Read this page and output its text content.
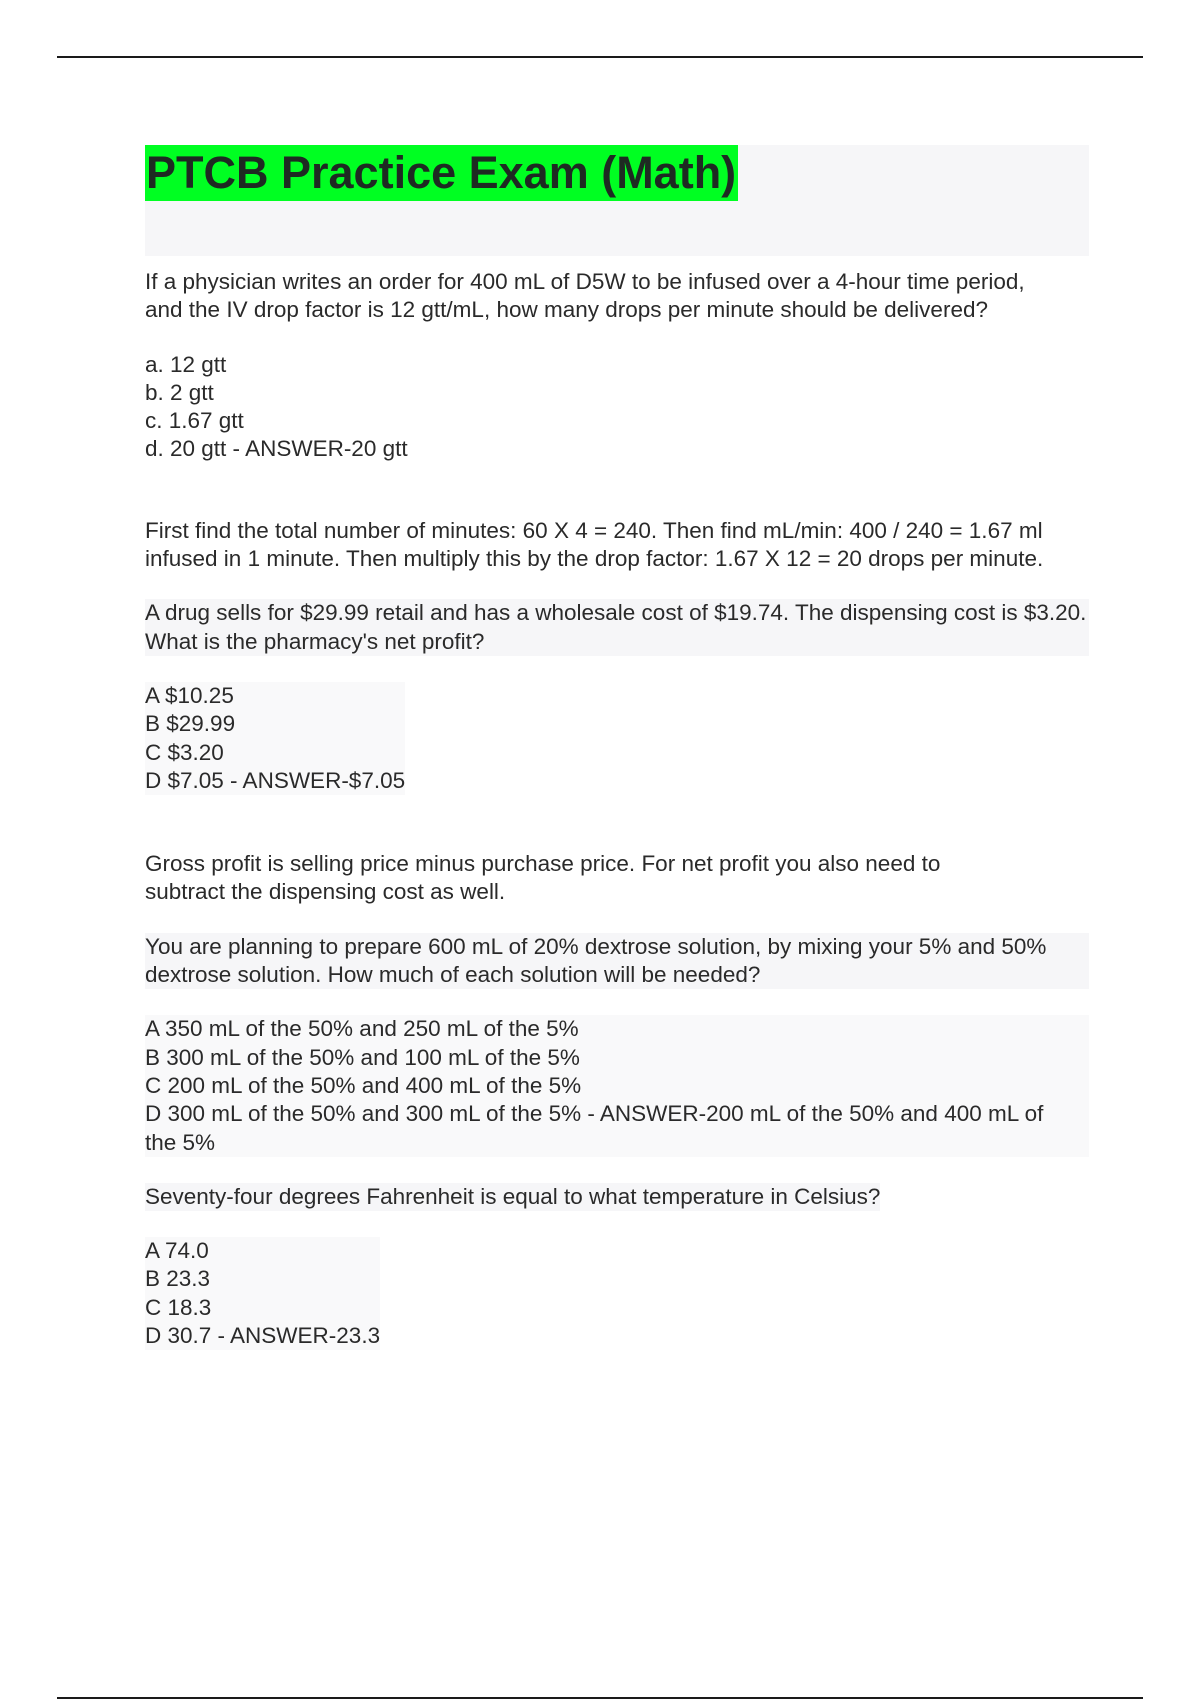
PTCB Practice Exam (Math)

If a physician writes an order for 400 mL of D5W to be infused over a 4-hour time period, and the IV drop factor is 12 gtt/mL, how many drops per minute should be delivered?

a. 12 gtt
b. 2 gtt
c. 1.67 gtt
d. 20 gtt - ANSWER-20 gtt

First find the total number of minutes: 60 X 4 = 240. Then find mL/min: 400 / 240 = 1.67 ml infused in 1 minute. Then multiply this by the drop factor: 1.67 X 12 = 20 drops per minute.

A drug sells for $29.99 retail and has a wholesale cost of $19.74. The dispensing cost is $3.20. What is the pharmacy's net profit?

A $10.25
B $29.99
C $3.20
D $7.05 - ANSWER-$7.05

Gross profit is selling price minus purchase price. For net profit you also need to subtract the dispensing cost as well.

You are planning to prepare 600 mL of 20% dextrose solution, by mixing your 5% and 50% dextrose solution. How much of each solution will be needed?

A 350 mL of the 50% and 250 mL of the 5%
B 300 mL of the 50% and 100 mL of the 5%
C 200 mL of the 50% and 400 mL of the 5%
D 300 mL of the 50% and 300 mL of the 5% - ANSWER-200 mL of the 50% and 400 mL of the 5%

Seventy-four degrees Fahrenheit is equal to what temperature in Celsius?

A 74.0
B 23.3
C 18.3
D 30.7 - ANSWER-23.3
